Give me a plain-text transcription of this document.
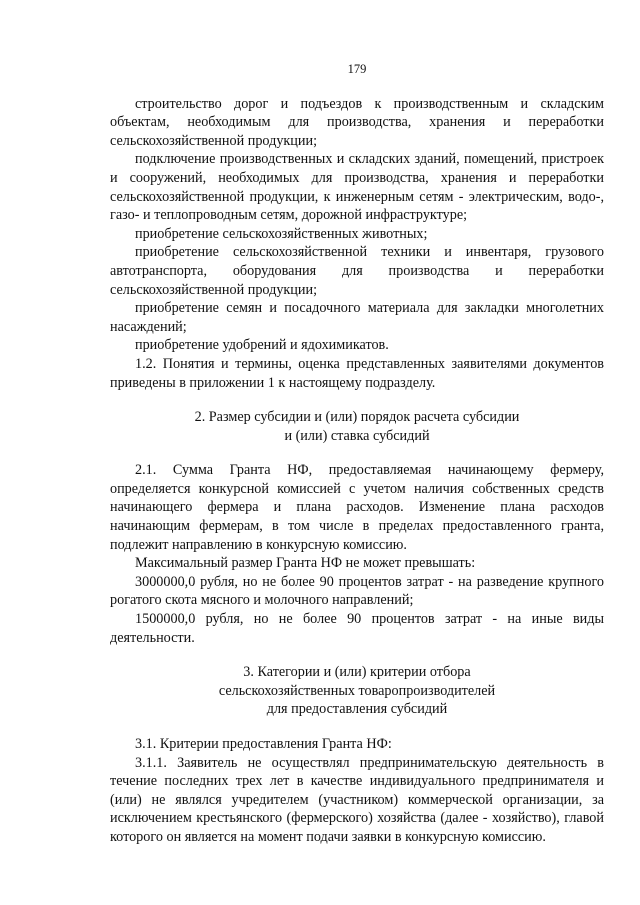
179

строительство дорог и подъездов к производственным и складским объектам, необходимым для производства, хранения и переработки сельскохозяйственной продукции;

подключение производственных и складских зданий, помещений, пристроек и сооружений, необходимых для производства, хранения и переработки сельскохозяйственной продукции, к инженерным сетям - электрическим, водо-, газо- и теплопроводным сетям, дорожной инфраструктуре;

приобретение сельскохозяйственных животных;

приобретение сельскохозяйственной техники и инвентаря, грузового автотранспорта, оборудования для производства и переработки сельскохозяйственной продукции;

приобретение семян и посадочного материала для закладки многолетних насаждений;

приобретение удобрений и ядохимикатов.

1.2. Понятия и термины, оценка представленных заявителями документов приведены в приложении 1 к настоящему подразделу.

2. Размер субсидии и (или) порядок расчета субсидии
и (или) ставка субсидий

2.1. Сумма Гранта НФ, предоставляемая начинающему фермеру, определяется конкурсной комиссией с учетом наличия собственных средств начинающего фермера и плана расходов. Изменение плана расходов начинающим фермерам, в том числе в пределах предоставленного гранта, подлежит направлению в конкурсную комиссию.

Максимальный размер Гранта НФ не может превышать:

3000000,0 рубля, но не более 90 процентов затрат - на разведение крупного рогатого скота мясного и молочного направлений;

1500000,0 рубля, но не более 90 процентов затрат - на иные виды деятельности.

3. Категории и (или) критерии отбора
сельскохозяйственных товаропроизводителей
для предоставления субсидий

3.1. Критерии предоставления Гранта НФ:

3.1.1. Заявитель не осуществлял предпринимательскую деятельность в течение последних трех лет в качестве индивидуального предпринимателя и (или) не являлся учредителем (участником) коммерческой организации, за исключением крестьянского (фермерского) хозяйства (далее - хозяйство), главой которого он является на момент подачи заявки в конкурсную комиссию.
